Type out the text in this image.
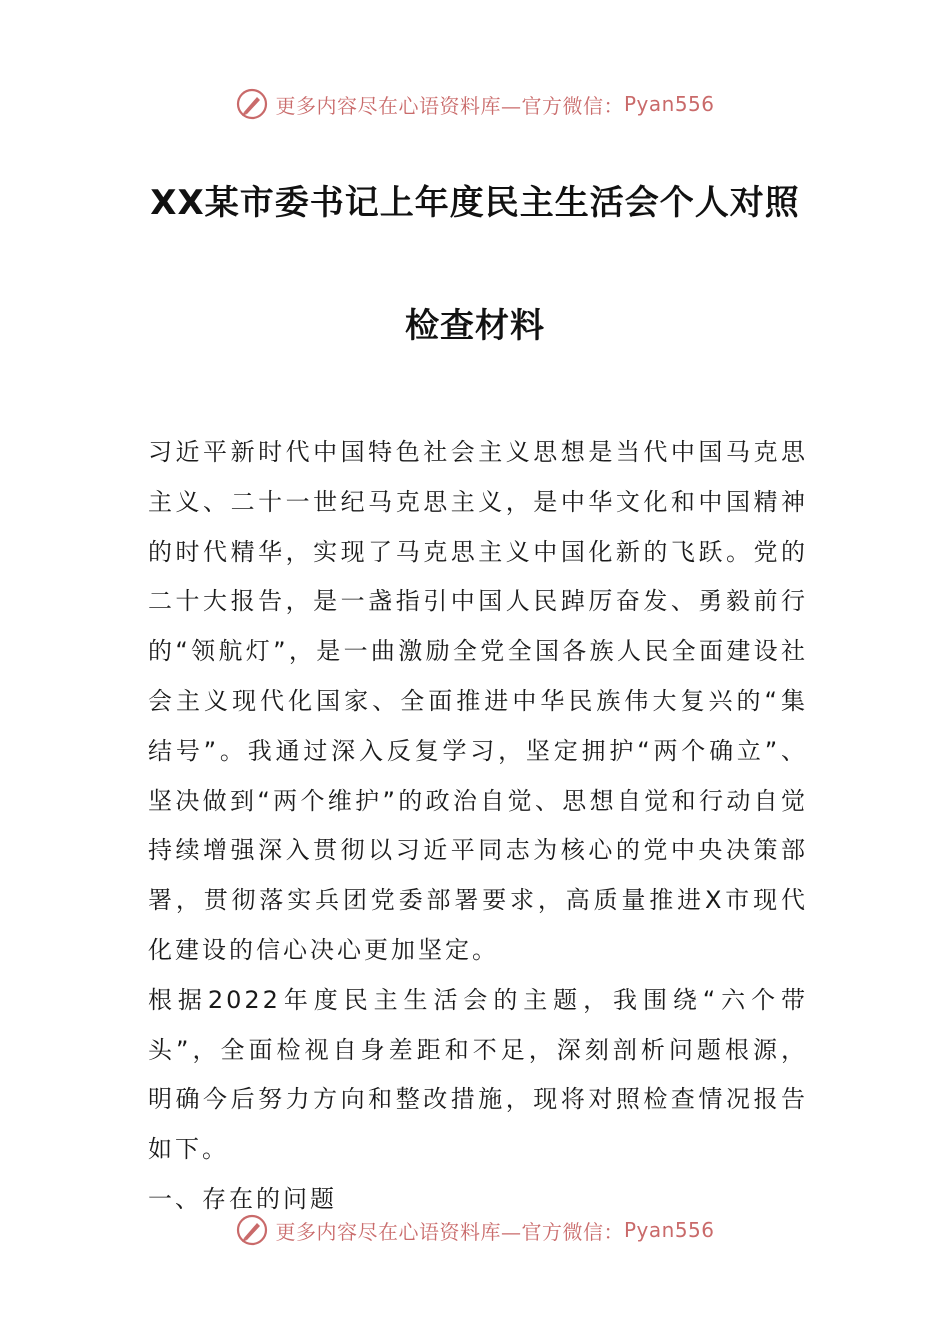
更多内容尽在心语资料库—官方微信： Pyan556
XX某市委书记上年度民主生活会个人对照
检查材料

习近平新时代中国特色社会主义思想是当代中国马克思主义、二十一世纪马克思主义，是中华文化和中国精神的时代精华，实现了马克思主义中国化新的飞跃。党的二十大报告，是一盏指引中国人民踔厉奋发、勇毅前行的“领航灯”，是一曲激励全党全国各族人民全面建设社会主义现代化国家、全面推进中华民族伟大复兴的“集结号”。我通过深入反复学习，坚定拥护“两个确立”、坚决做到“两个维护”的政治自觉、思想自觉和行动自觉持续增强深入贯彻以习近平同志为核心的党中央决策部署，贯彻落实兵团党委部署要求，高质量推进X市现代化建设的信心决心更加坚定。

根据2022年度民主生活会的主题，我围绕“六个带头”，全面检视自身差距和不足，深刻剖析问题根源，明确今后努力方向和整改措施，现将对照检查情况报告如下。

一、存在的问题

更多内容尽在心语资料库—官方微信： Pyan556
